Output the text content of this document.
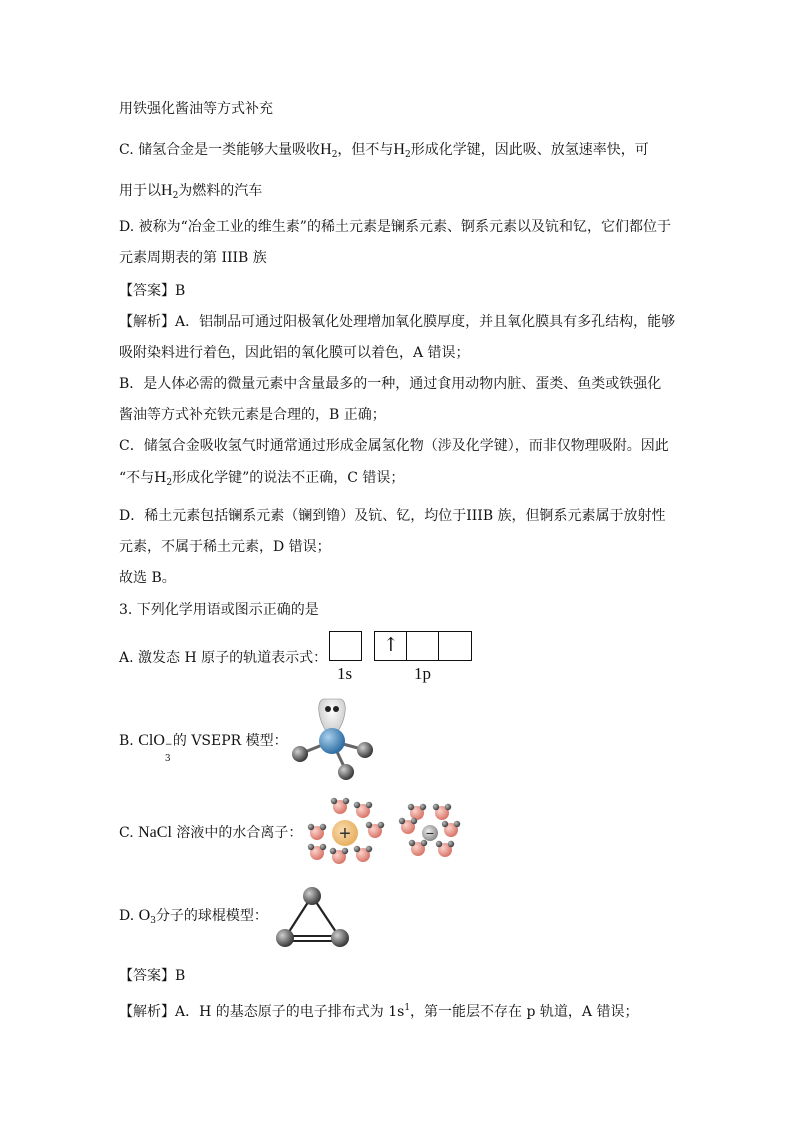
用铁强化酱油等方式补充
C. 储氢合金是一类能够大量吸收$H_2$，但不与$H_2$形成化学键，因此吸、放氢速率快，可
用于以$H_2$为燃料的汽车
D. 被称为“冶金工业的维生素”的稀土元素是镧系元素、锕系元素以及钪和钇，它们都位于
元素周期表的第 IIIB 族
【答案】B
【解析】A．铝制品可通过阳极氧化处理增加氧化膜厚度，并且氧化膜具有多孔结构，能够
吸附染料进行着色，因此铝的氧化膜可以着色，A 错误；
B．是人体必需的微量元素中含量最多的一种，通过食用动物内脏、蛋类、鱼类或铁强化
酱油等方式补充铁元素是合理的，B 正确；
C．储氢合金吸收氢气时通常通过形成金属氢化物（涉及化学键），而非仅物理吸附。因此
“不与$H_2$形成化学键”的说法不正确，C 错误；
D．稀土元素包括镧系元素（镧到镥）及钪、钇，均位于IIIB 族，但锕系元素属于放射性
元素，不属于稀土元素，D 错误；
故选 B。
3. 下列化学用语或图示正确的是
A. 激发态 H 原子的轨道表示式：
↑
1s	1p
B. ClO −
3
的 VSEPR 模型：
C. NaCl 溶液中的水合离子： +	−
D. $O_3$分子的球棍模型：
【答案】B
【解析】A．H 的基态原子的电子排布式为 $1s^1$，第一能层不存在 p 轨道，A 错误；
